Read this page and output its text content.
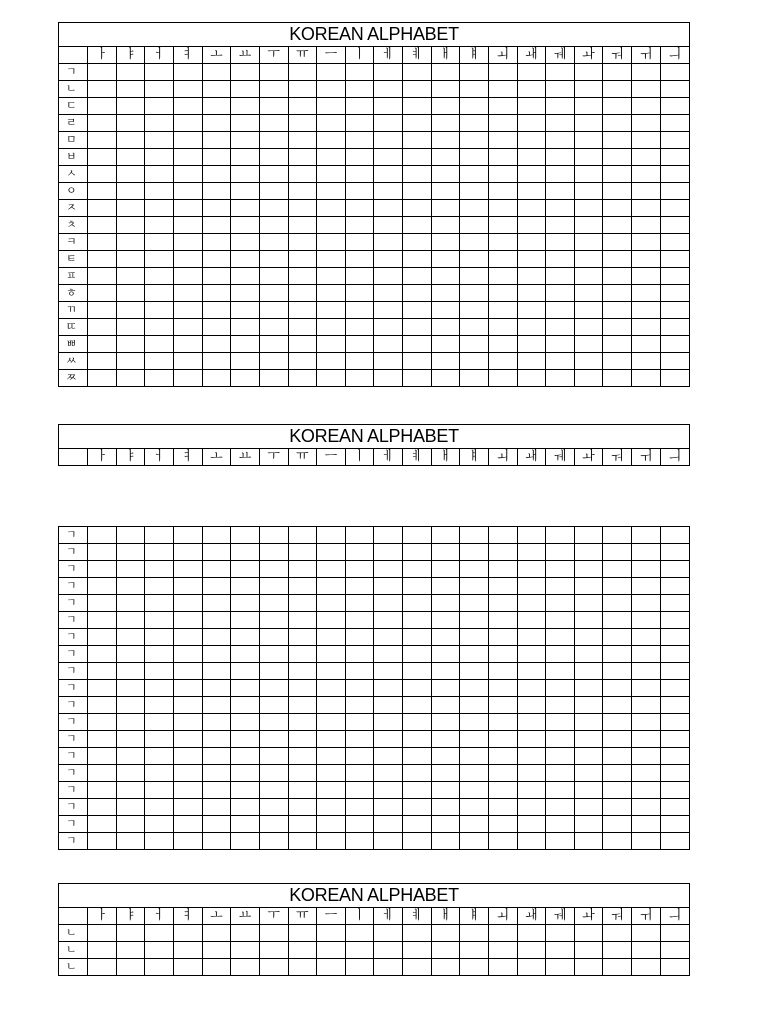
KOREAN ALPHABET
	ㅏ	ㅑ	ㅓ	ㅕ	ㅗ	ㅛ	ㅜ	ㅠ	ㅡ	ㅣ	ㅔ	ㅖ	ㅐ	ㅒ	ㅚ	ㅙ	ㅞ	ㅘ	ㅝ	ㅟ	ㅢ
ㄱ																					
ㄴ																					
ㄷ																					
ㄹ																					
ㅁ																					
ㅂ																					
ㅅ																					
ㅇ																					
ㅈ																					
ㅊ																					
ㅋ																					
ㅌ																					
ㅍ																					
ㅎ																					
ㄲ																					
ㄸ																					
ㅃ																					
ㅆ																					
ㅉ																					
KOREAN ALPHABET
	ㅏ	ㅑ	ㅓ	ㅕ	ㅗ	ㅛ	ㅜ	ㅠ	ㅡ	ㅣ	ㅔ	ㅖ	ㅐ	ㅒ	ㅚ	ㅙ	ㅞ	ㅘ	ㅝ	ㅟ	ㅢ
ㄱ																					
ㄱ																					
ㄱ																					
ㄱ																					
ㄱ																					
ㄱ																					
ㄱ																					
ㄱ																					
ㄱ																					
ㄱ																					
ㄱ																					
ㄱ																					
ㄱ																					
ㄱ																					
ㄱ																					
ㄱ																					
ㄱ																					
ㄱ																					
ㄱ																					
KOREAN ALPHABET
	ㅏ	ㅑ	ㅓ	ㅕ	ㅗ	ㅛ	ㅜ	ㅠ	ㅡ	ㅣ	ㅔ	ㅖ	ㅐ	ㅒ	ㅚ	ㅙ	ㅞ	ㅘ	ㅝ	ㅟ	ㅢ
ㄴ																					
ㄴ																					
ㄴ																					
